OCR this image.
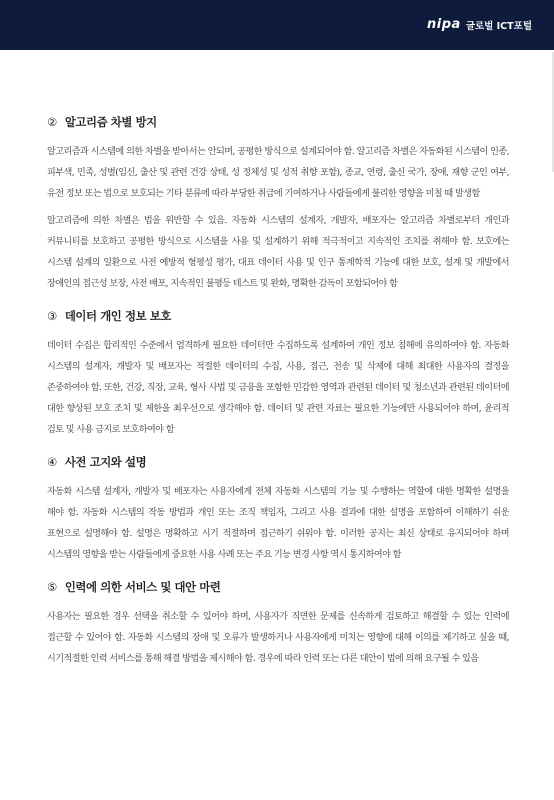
nipa 글로벌 ICT포털
② 알고리즘 차별 방지

알고리즘과 시스템에 의한 차별을 받아서는 안되며, 공평한 방식으로 설계되어야 함. 알고리즘 차별은 자동화된 시스템이 인종, 피부색, 민족, 성별(임신, 출산 및 관련 건강 상태, 성 정체성 및 성적 취향 포함), 종교, 연령, 출신 국가, 장애, 재향 군인 여부, 유전 정보 또는 법으로 보호되는 기타 분류에 따라 부당한 취급에 기여하거나 사람들에게 불리한 영향을 미칠 때 발생함

알고리즘에 의한 차별은 법을 위반할 수 있음. 자동화 시스템의 설계자, 개발자, 배포자는 알고리즘 차별로부터 개인과 커뮤니티를 보호하고 공평한 방식으로 시스템을 사용 및 설계하기 위해 적극적이고 지속적인 조치를 취해야 함. 보호에는 시스템 설계의 일환으로 사전 예방적 형평성 평가, 대표 데이터 사용 및 인구 통계학적 기능에 대한 보호, 설계 및 개발에서 장애인의 접근성 보장, 사전 배포, 지속적인 불평등 테스트 및 완화, 명확한 감독이 포함되어야 함

③ 데이터 개인 정보 보호

데이터 수집은 합리적인 수준에서 엄격하게 필요한 데이터만 수집하도록 설계하여 개인 정보 침해에 유의하여야 함. 자동화 시스템의 설계자, 개발자 및 배포자는 적절한 데이터의 수집, 사용, 접근, 전송 및 삭제에 대해 최대한 사용자의 결정을 존중하여야 함. 또한, 건강, 직장, 교육, 형사 사법 및 금융을 포함한 민감한 영역과 관련된 데이터 및 청소년과 관련된 데이터에 대한 향상된 보호 조치 및 제한을 최우선으로 생각해야 함. 데이터 및 관련 자료는 필요한 기능에만 사용되어야 하며, 윤리적 검토 및 사용 금지로 보호하여야 함

④ 사전 고지와 설명

자동화 시스템 설계자, 개발자 및 배포자는 사용자에게 전체 자동화 시스템의 기능 및 수행하는 역할에 대한 명확한 설명을 해야 함. 자동화 시스템의 작동 방법과 개인 또는 조직 책임자, 그리고 사용 결과에 대한 설명을 포함하여 이해하기 쉬운 표현으로 설명해야 함. 설명은 명확하고 시기 적절하며 접근하기 쉬워야 함. 이러한 공지는 최신 상태로 유지되어야 하며 시스템의 영향을 받는 사람들에게 중요한 사용 사례 또는 주요 기능 변경 사항 역시 통지하여야 함

⑤ 인력에 의한 서비스 및 대안 마련

사용자는 필요한 경우 선택을 취소할 수 있어야 하며, 사용자가 직면한 문제를 신속하게 검토하고 해결할 수 있는 인력에 접근할 수 있어야 함. 자동화 시스템의 장애 및 오류가 발생하거나 사용자에게 미치는 영향에 대해 이의를 제기하고 싶을 때, 시기적절한 인력 서비스를 통해 해결 방법을 제시해야 함. 경우에 따라 인력 또는 다른 대안이 법에 의해 요구될 수 있음
